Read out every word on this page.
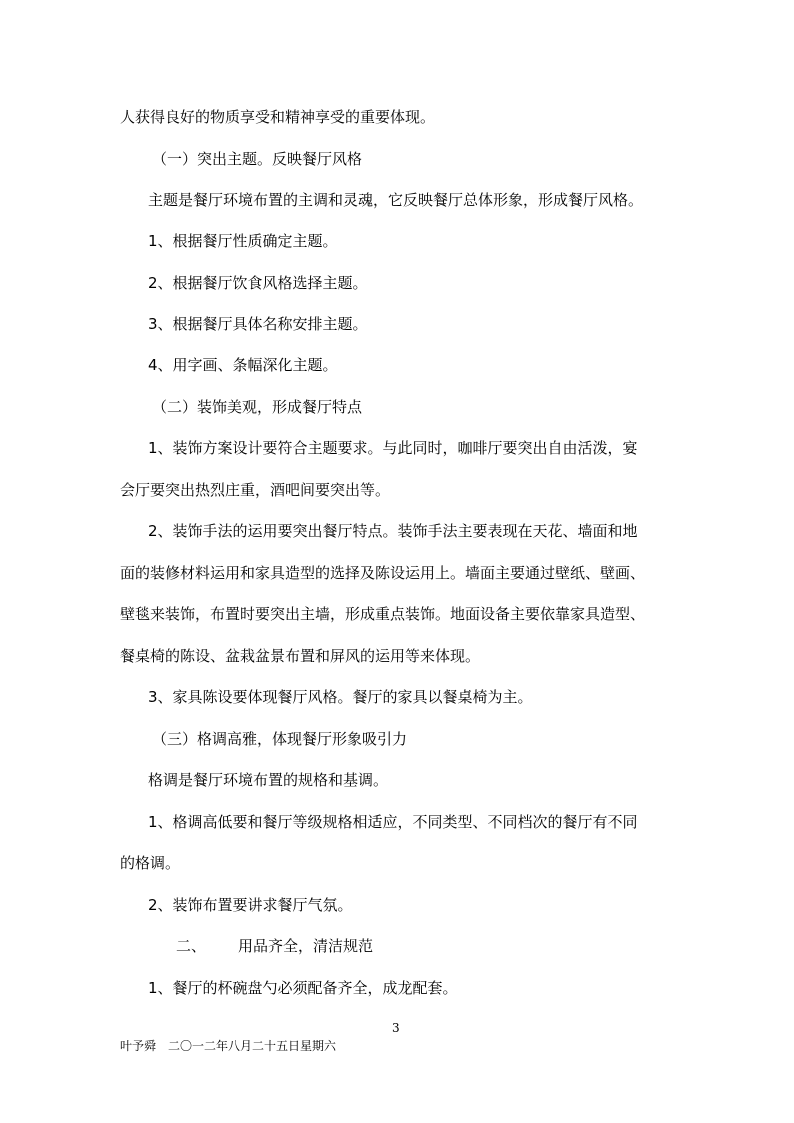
人获得良好的物质享受和精神享受的重要体现。
（一）突出主题。反映餐厅风格
主题是餐厅环境布置的主调和灵魂，它反映餐厅总体形象，形成餐厅风格。
1、根据餐厅性质确定主题。
2、根据餐厅饮食风格选择主题。
3、根据餐厅具体名称安排主题。
4、用字画、条幅深化主题。
（二）装饰美观，形成餐厅特点
1、装饰方案设计要符合主题要求。与此同时，咖啡厅要突出自由活泼，宴
会厅要突出热烈庄重，酒吧间要突出等。
2、装饰手法的运用要突出餐厅特点。装饰手法主要表现在天花、墙面和地
面的装修材料运用和家具造型的选择及陈设运用上。墙面主要通过壁纸、壁画、
壁毯来装饰，布置时要突出主墙，形成重点装饰。地面设备主要依靠家具造型、
餐桌椅的陈设、盆栽盆景布置和屏风的运用等来体现。
3、家具陈设要体现餐厅风格。餐厅的家具以餐桌椅为主。
（三）格调高雅，体现餐厅形象吸引力
格调是餐厅环境布置的规格和基调。
1、格调高低要和餐厅等级规格相适应，不同类型、不同档次的餐厅有不同
的格调。
2、装饰布置要讲求餐厅气氛。
二、 用品齐全，清洁规范
1、餐厅的杯碗盘勺必须配备齐全，成龙配套。
3
叶予舜 二〇一二年八月二十五日星期六
